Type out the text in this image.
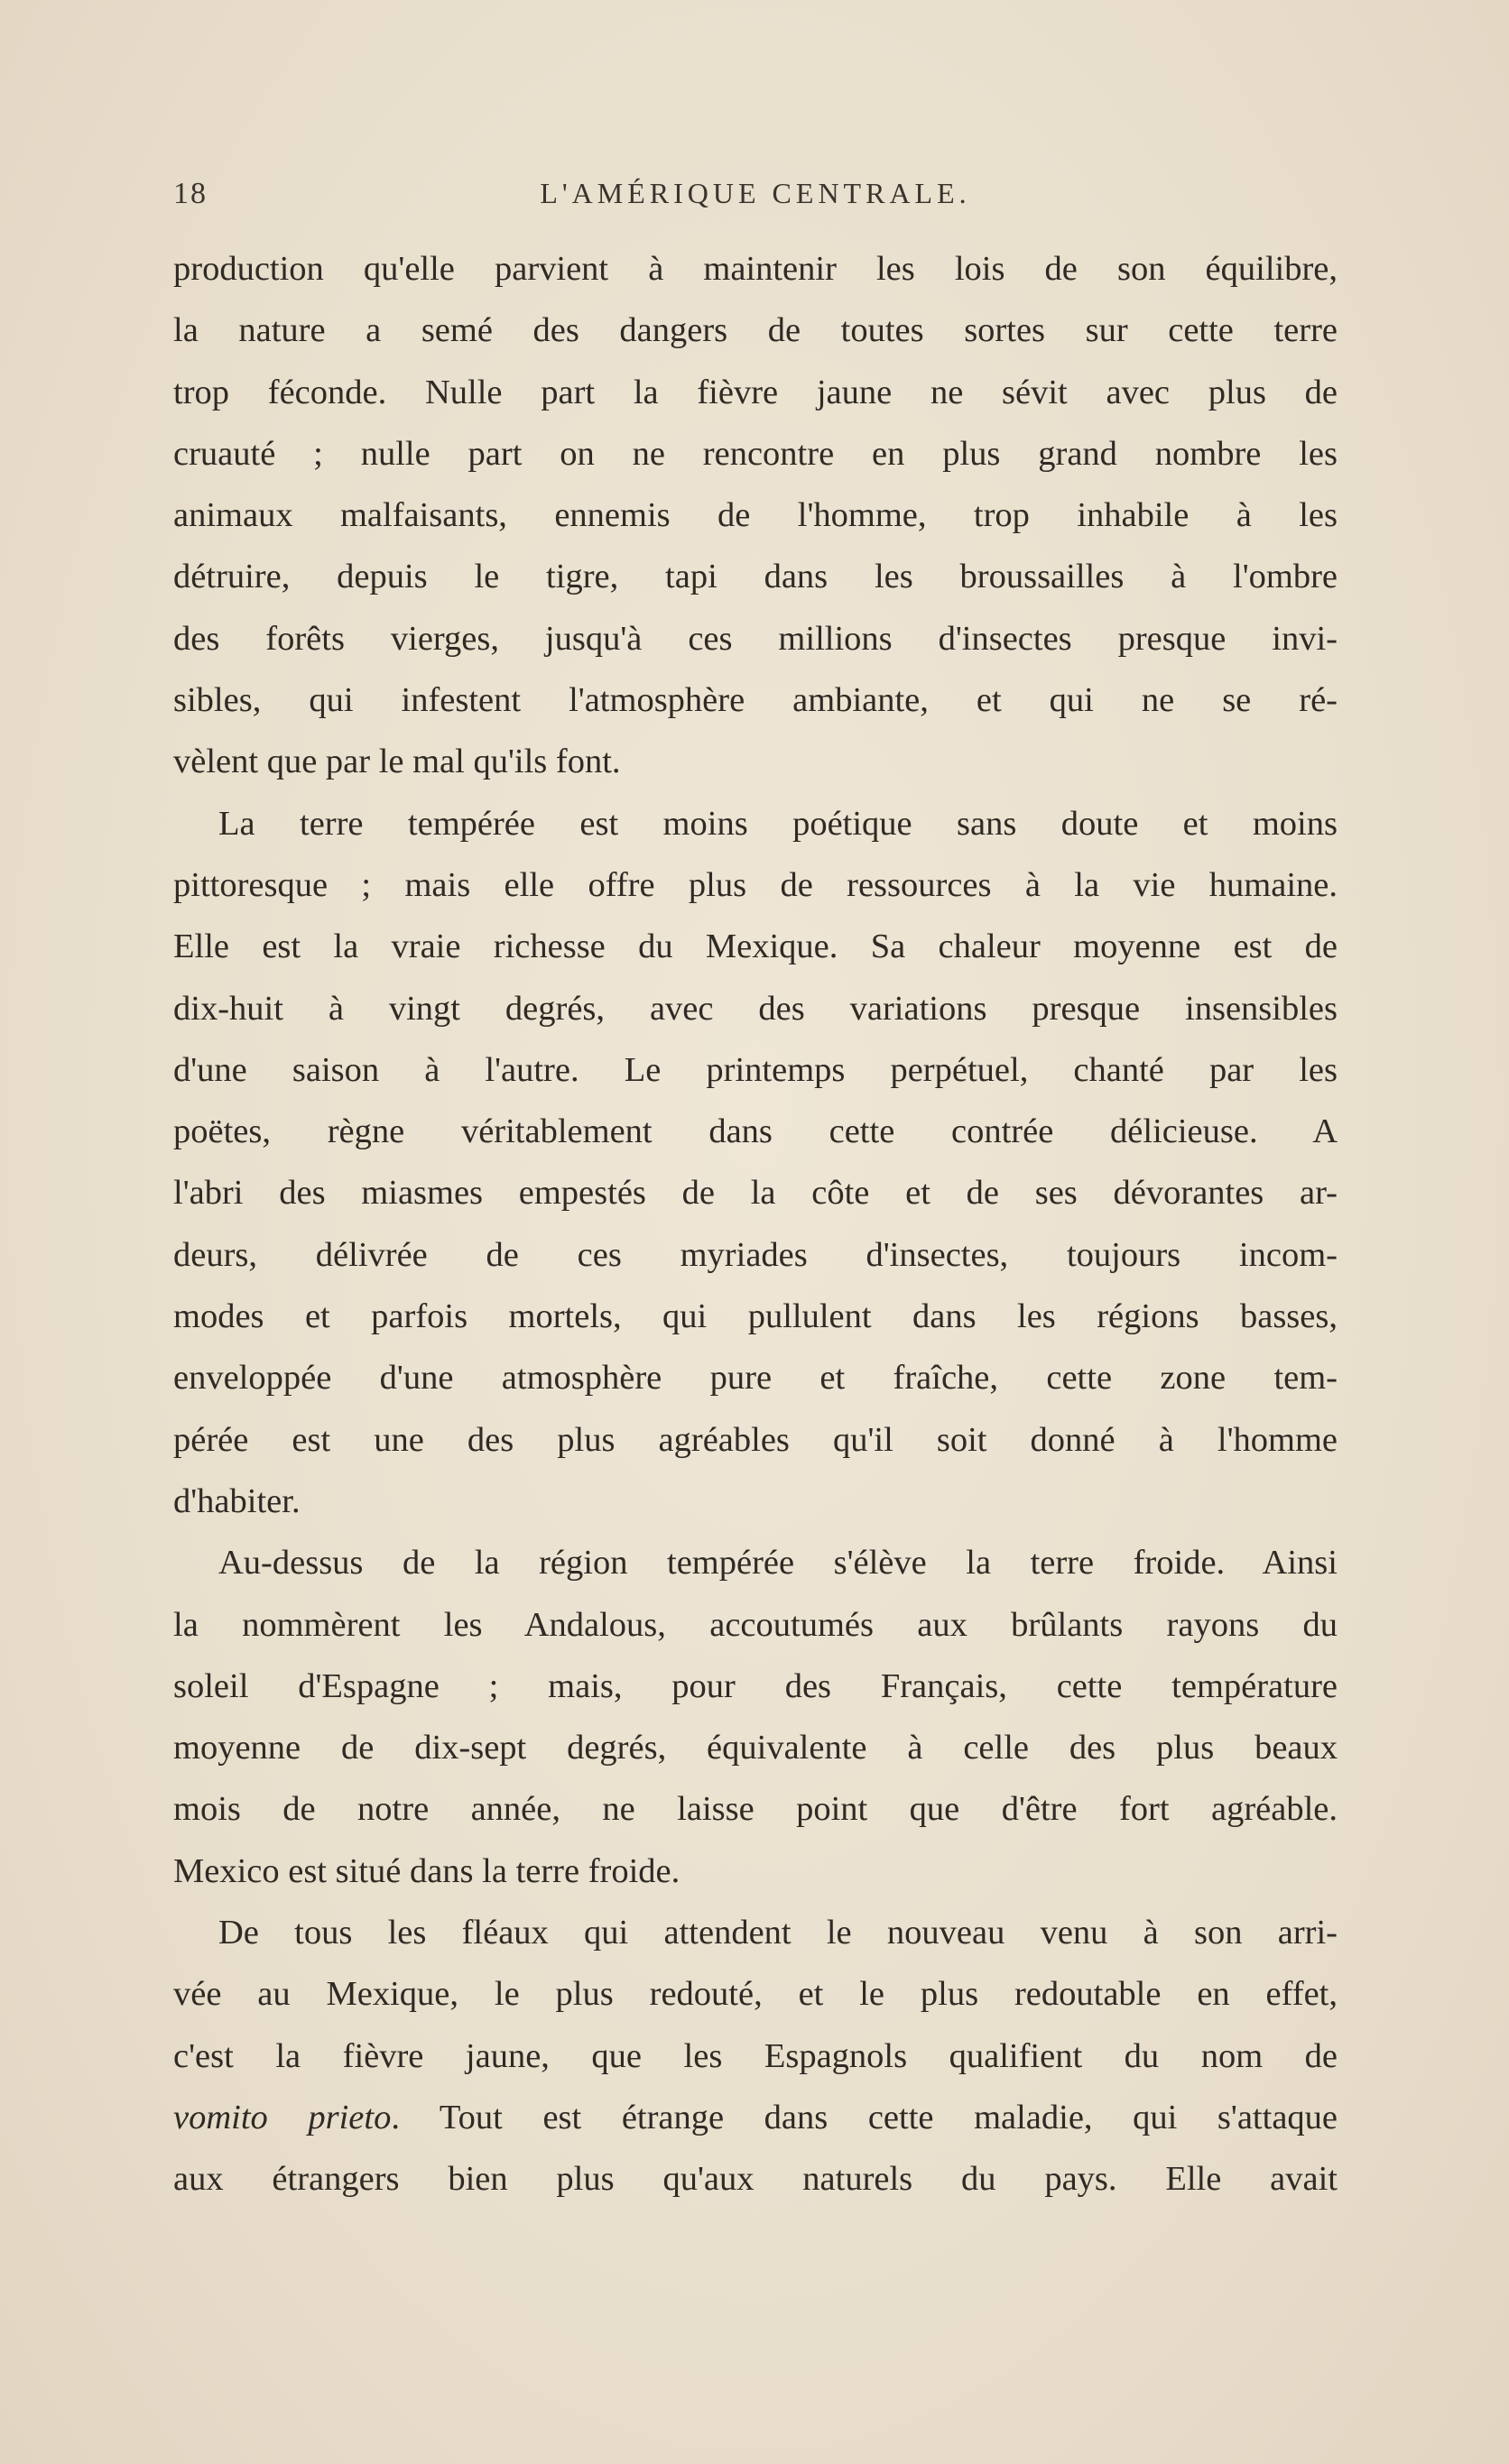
18	L'AMÉRIQUE CENTRALE.
production qu'elle parvient à maintenir les lois de son équilibre,
la nature a semé des dangers de toutes sortes sur cette terre
trop féconde. Nulle part la fièvre jaune ne sévit avec plus de
cruauté ; nulle part on ne rencontre en plus grand nombre les
animaux malfaisants, ennemis de l'homme, trop inhabile à les
détruire, depuis le tigre, tapi dans les broussailles à l'ombre
des forêts vierges, jusqu'à ces millions d'insectes presque invi-
sibles, qui infestent l'atmosphère ambiante, et qui ne se ré-
vèlent que par le mal qu'ils font.
La terre tempérée est moins poétique sans doute et moins
pittoresque ; mais elle offre plus de ressources à la vie humaine.
Elle est la vraie richesse du Mexique. Sa chaleur moyenne est de
dix-huit à vingt degrés, avec des variations presque insensibles
d'une saison à l'autre. Le printemps perpétuel, chanté par les
poëtes, règne véritablement dans cette contrée délicieuse. A
l'abri des miasmes empestés de la côte et de ses dévorantes ar-
deurs, délivrée de ces myriades d'insectes, toujours incom-
modes et parfois mortels, qui pullulent dans les régions basses,
enveloppée d'une atmosphère pure et fraîche, cette zone tem-
pérée est une des plus agréables qu'il soit donné à l'homme
d'habiter.
Au-dessus de la région tempérée s'élève la terre froide. Ainsi
la nommèrent les Andalous, accoutumés aux brûlants rayons du
soleil d'Espagne ; mais, pour des Français, cette température
moyenne de dix-sept degrés, équivalente à celle des plus beaux
mois de notre année, ne laisse point que d'être fort agréable.
Mexico est situé dans la terre froide.
De tous les fléaux qui attendent le nouveau venu à son arri-
vée au Mexique, le plus redouté, et le plus redoutable en effet,
c'est la fièvre jaune, que les Espagnols qualifient du nom de
vomito prieto. Tout est étrange dans cette maladie, qui s'attaque
aux étrangers bien plus qu'aux naturels du pays. Elle avait
